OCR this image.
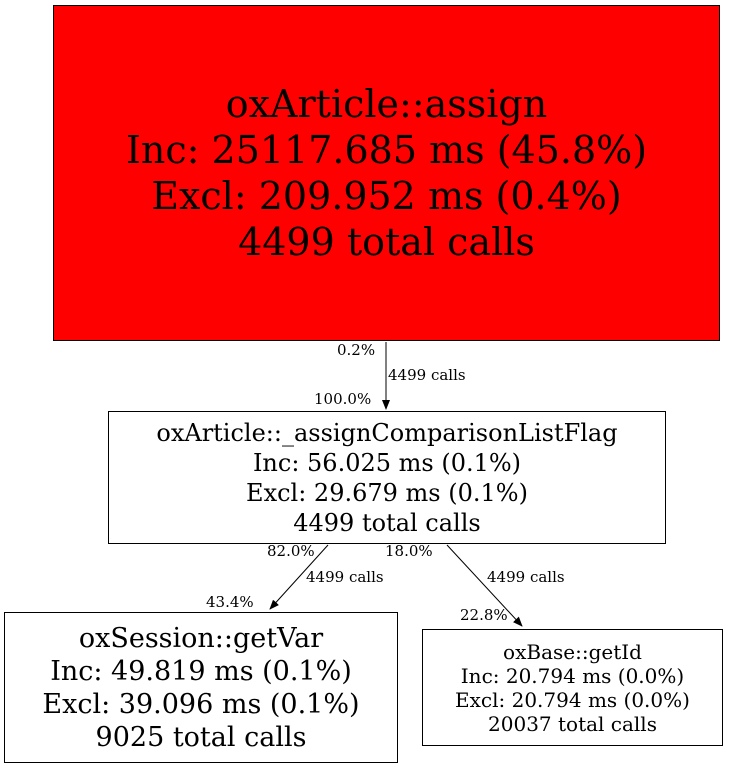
oxArticle::assign
Inc: 25117.685 ms (45.8%)
Excl: 209.952 ms (0.4%)
4499 total calls
oxArticle::_assignComparisonListFlag
Inc: 56.025 ms (0.1%)
Excl: 29.679 ms (0.1%)
4499 total calls
oxSession::getVar
Inc: 49.819 ms (0.1%)
Excl: 39.096 ms (0.1%)
9025 total calls
oxBase::getId
Inc: 20.794 ms (0.0%)
Excl: 20.794 ms (0.0%)
20037 total calls
0.2%
4499 calls
100.0%
82.0%
4499 calls
43.4%
18.0%
4499 calls
22.8%
